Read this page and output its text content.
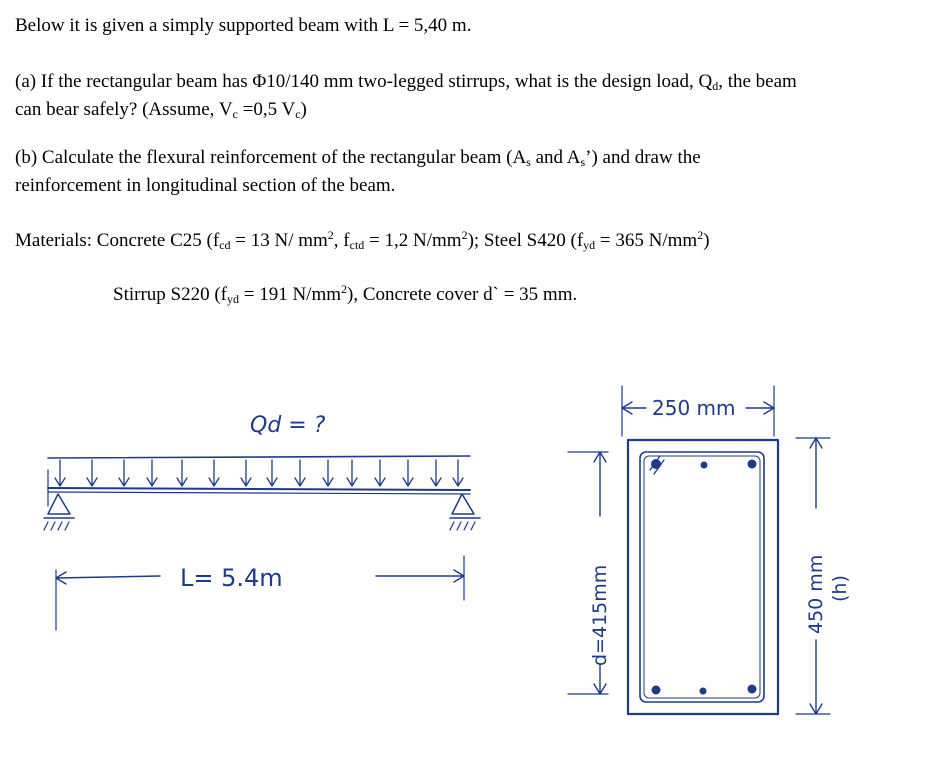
Below it is given a simply supported beam with L = 5,40 m.

(a) If the rectangular beam has Φ10/140 mm two-legged stirrups, what is the design load, $Q_d$, the beam
can bear safely? (Assume, $V_c =0,5$ $V_c$)

(b) Calculate the flexural reinforcement of the rectangular beam ($A_s$ and $A_s$’) and draw the
reinforcement in longitudinal section of the beam.

Materials: Concrete C25 ($f_{cd} = 13$ N/ $mm^2$, $f_{ctd} = 1,2$ $N/mm^2$); Steel S420 ($f_{yd} = 365$ $N/mm^2$)

Stirrup S220 ($f_{yd} = 191$ $N/mm^2$), Concrete cover d` = 35 mm.

Qd = ?
L= 5.4m
250 mm
d=415mm	450 mm (h)
